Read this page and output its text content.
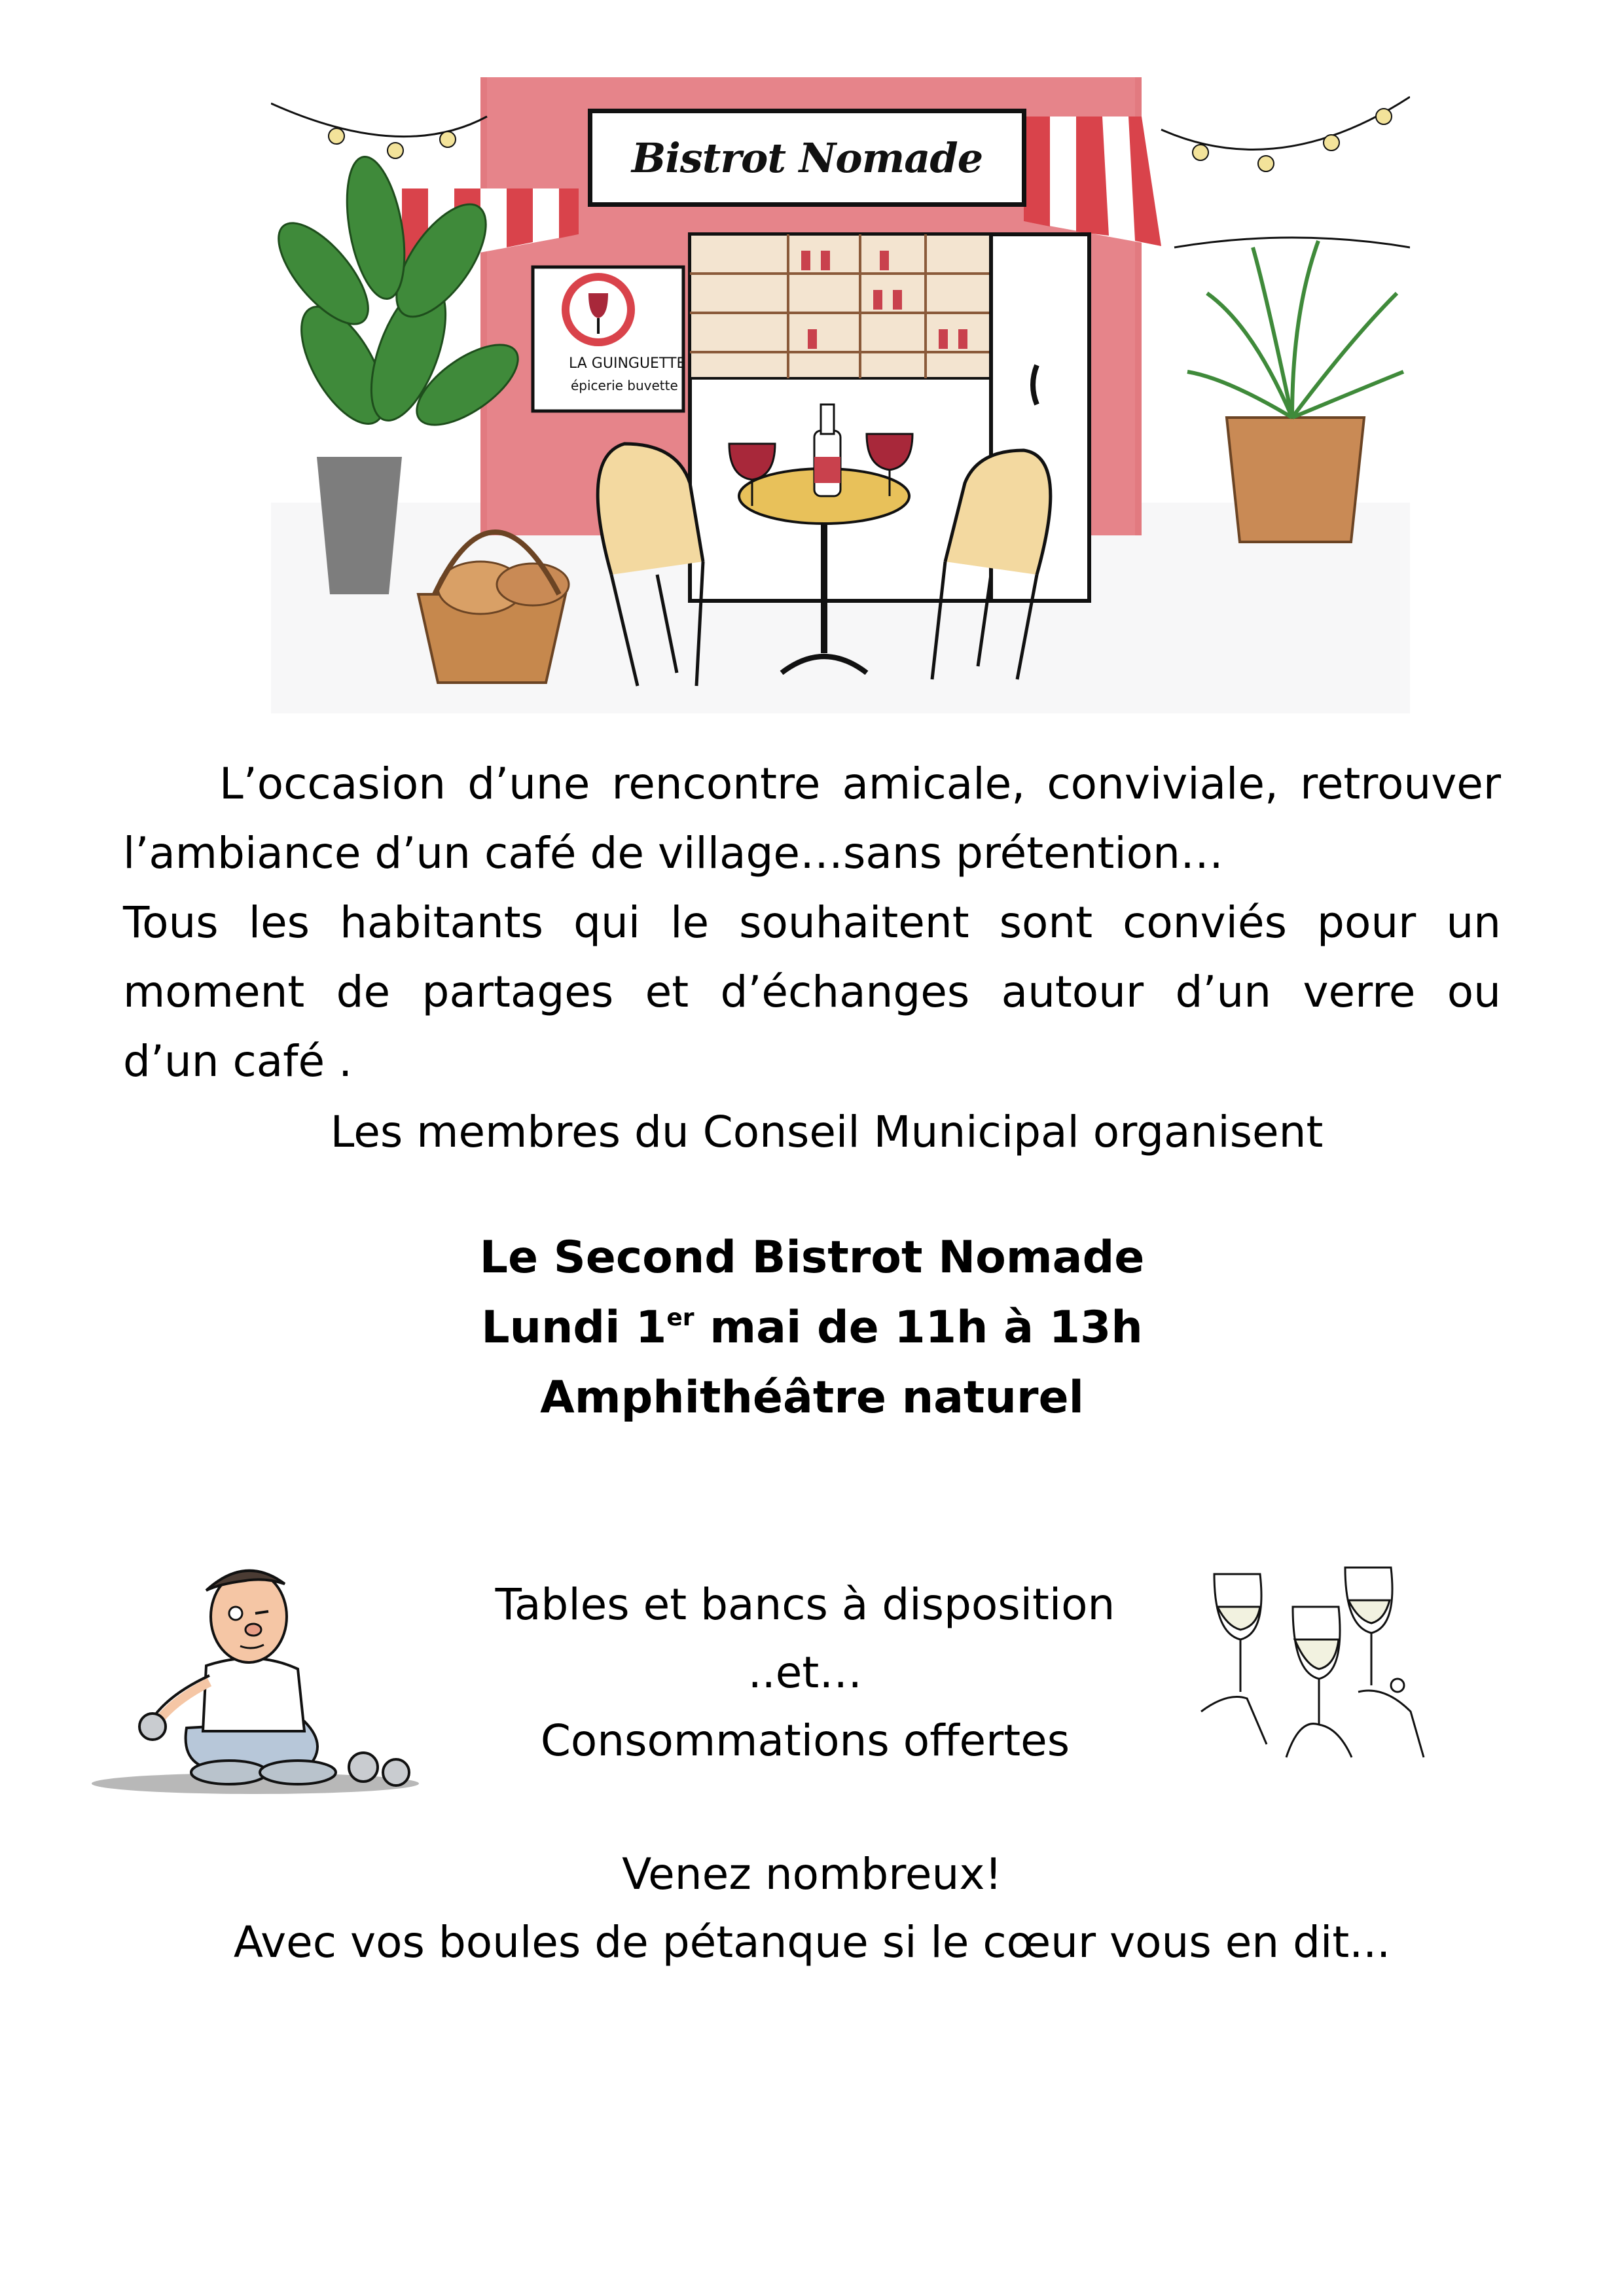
LA GUINGUETTE
épicerie buvette
Bistrot Nomade
L’occasion d’une rencontre amicale, conviviale, retrouver
l’ambiance d’un café de village…sans prétention…
Tous les habitants qui le souhaitent sont conviés pour un
moment de partages et d’échanges autour d’un verre ou
d’un café .
Les membres du Conseil Municipal organisent
Le Second Bistrot Nomade
Lundi 1er mai de 11h à 13h
Amphithéâtre naturel
Tables et bancs à disposition
..et…
Consommations offertes
Venez nombreux!
Avec vos boules de pétanque si le cœur vous en dit...
